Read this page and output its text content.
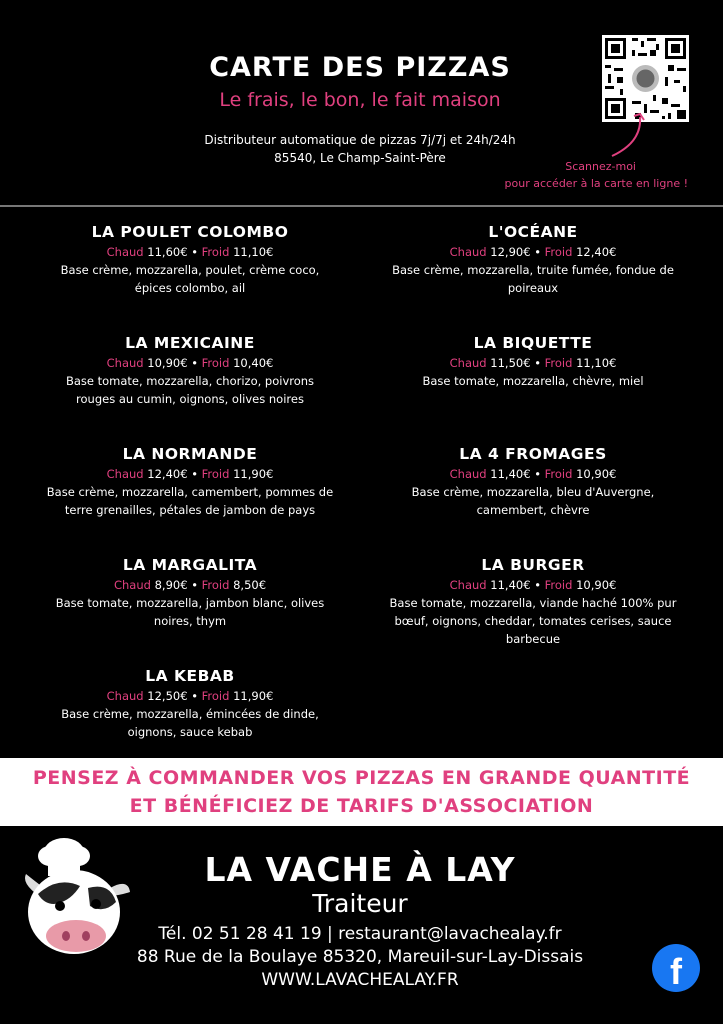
CARTE DES PIZZAS
Le frais, le bon, le fait maison
Distributeur automatique de pizzas 7j/7j et 24h/24h
85540, Le Champ-Saint-Père
Scannez-moi
pour accéder à la carte en ligne !
LA POULET COLOMBO
Chaud 11,60€ • Froid 11,10€
Base crème, mozzarella, poulet, crème coco,
épices colombo, ail
L'OCÉANE
Chaud 12,90€ • Froid 12,40€
Base crème, mozzarella, truite fumée, fondue de
poireaux
LA MEXICAINE
Chaud 10,90€ • Froid 10,40€
Base tomate, mozzarella, chorizo, poivrons
rouges au cumin, oignons, olives noires
LA BIQUETTE
Chaud 11,50€ • Froid 11,10€
Base tomate, mozzarella, chèvre, miel
LA NORMANDE
Chaud 12,40€ • Froid 11,90€
Base crème, mozzarella, camembert, pommes de
terre grenailles, pétales de jambon de pays
LA 4 FROMAGES
Chaud 11,40€ • Froid 10,90€
Base crème, mozzarella, bleu d'Auvergne,
camembert, chèvre
LA MARGALITA
Chaud 8,90€ • Froid 8,50€
Base tomate, mozzarella, jambon blanc, olives
noires, thym
LA BURGER
Chaud 11,40€ • Froid 10,90€
Base tomate, mozzarella, viande haché 100% pur
bœuf, oignons, cheddar, tomates cerises, sauce
barbecue
LA KEBAB
Chaud 12,50€ • Froid 11,90€
Base crème, mozzarella, émincées de dinde,
oignons, sauce kebab
PENSEZ À COMMANDER VOS PIZZAS EN GRANDE QUANTITÉ
ET BÉNÉFICIEZ DE TARIFS D'ASSOCIATION
LA VACHE À LAY
Traiteur
Tél. 02 51 28 41 19 | restaurant@lavachealay.fr
88 Rue de la Boulaye 85320, Mareuil-sur-Lay-Dissais
WWW.LAVACHEALAY.FR	f
